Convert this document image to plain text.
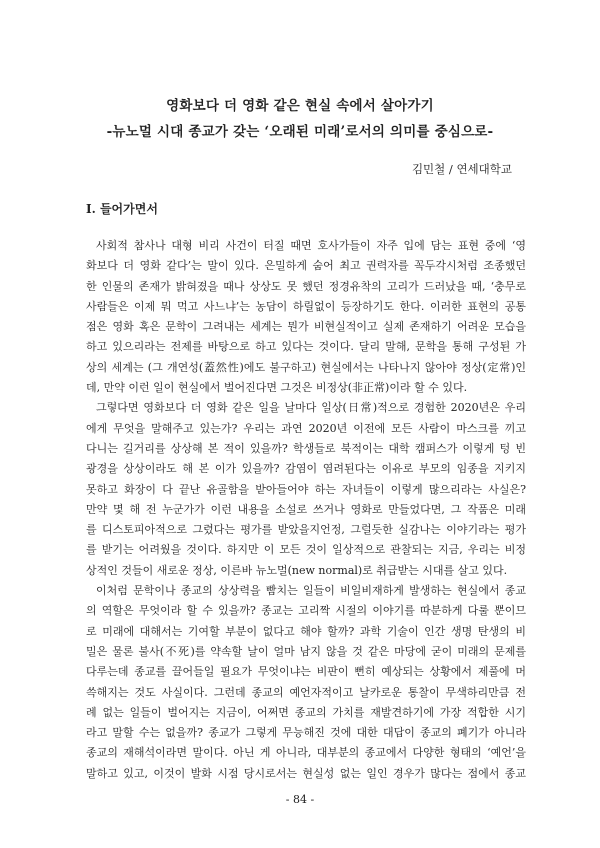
영화보다 더 영화 같은 현실 속에서 살아가기
-뉴노멀 시대 종교가 갖는 ‘오래된 미래’로서의 의미를 중심으로-
김민철 / 연세대학교
I. 들어가면서
사회적 참사나 대형 비리 사건이 터질 때면 호사가들이 자주 입에 담는 표현 중에 ‘영
화보다 더 영화 같다’는 말이 있다. 은밀하게 숨어 최고 권력자를 꼭두각시처럼 조종했던
한 인물의 존재가 밝혀졌을 때나 상상도 못 했던 정경유착의 고리가 드러났을 때, ‘충무로
사람들은 이제 뭐 먹고 사느냐’는 농담이 하릴없이 등장하기도 한다. 이러한 표현의 공통
점은 영화 혹은 문학이 그려내는 세계는 뭔가 비현실적이고 실제 존재하기 어려운 모습을
하고 있으리라는 전제를 바탕으로 하고 있다는 것이다. 달리 말해, 문학을 통해 구성된 가
상의 세계는 (그 개연성(蓋然性)에도 불구하고) 현실에서는 나타나지 않아야 정상(定常)인
데, 만약 이런 일이 현실에서 벌어진다면 그것은 비정상(非正常)이라 할 수 있다.
그렇다면 영화보다 더 영화 같은 일을 날마다 일상(日常)적으로 경험한 2020년은 우리
에게 무엇을 말해주고 있는가? 우리는 과연 2020년 이전에 모든 사람이 마스크를 끼고
다니는 길거리를 상상해 본 적이 있을까? 학생들로 북적이는 대학 캠퍼스가 이렇게 텅 빈
광경을 상상이라도 해 본 이가 있을까? 감염이 염려된다는 이유로 부모의 임종을 지키지
못하고 화장이 다 끝난 유골함을 받아들어야 하는 자녀들이 이렇게 많으리라는 사실은?
만약 몇 해 전 누군가가 이런 내용을 소설로 쓰거나 영화로 만들었다면, 그 작품은 미래
를 디스토피아적으로 그렸다는 평가를 받았을지언정, 그럴듯한 실감나는 이야기라는 평가
를 받기는 어려웠을 것이다. 하지만 이 모든 것이 일상적으로 관찰되는 지금, 우리는 비정
상적인 것들이 새로운 정상, 이른바 뉴노멀(new normal)로 취급받는 시대를 살고 있다.
이처럼 문학이나 종교의 상상력을 빰치는 일들이 비일비재하게 발생하는 현실에서 종교
의 역할은 무엇이라 할 수 있을까? 종교는 고리짝 시절의 이야기를 따분하게 다룰 뿐이므
로 미래에 대해서는 기여할 부분이 없다고 해야 할까? 과학 기술이 인간 생명 탄생의 비
밀은 물론 불사(不死)를 약속할 날이 얼마 남지 않을 것 같은 마당에 굳이 미래의 문제를
다루는데 종교를 끌어들일 필요가 무엇이냐는 비판이 뻔히 예상되는 상황에서 제풀에 머
쓱해지는 것도 사실이다. 그런데 종교의 예언자적이고 날카로운 통찰이 무색하리만큼 전
례 없는 일들이 벌어지는 지금이, 어쩌면 종교의 가치를 재발견하기에 가장 적합한 시기
라고 말할 수는 없을까? 종교가 그렇게 무능해진 것에 대한 대답이 종교의 폐기가 아니라
종교의 재해석이라면 말이다. 아닌 게 아니라, 대부분의 종교에서 다양한 형태의 ‘예언’을
말하고 있고, 이것이 발화 시점 당시로서는 현실성 없는 일인 경우가 많다는 점에서 종교
- 84 -
